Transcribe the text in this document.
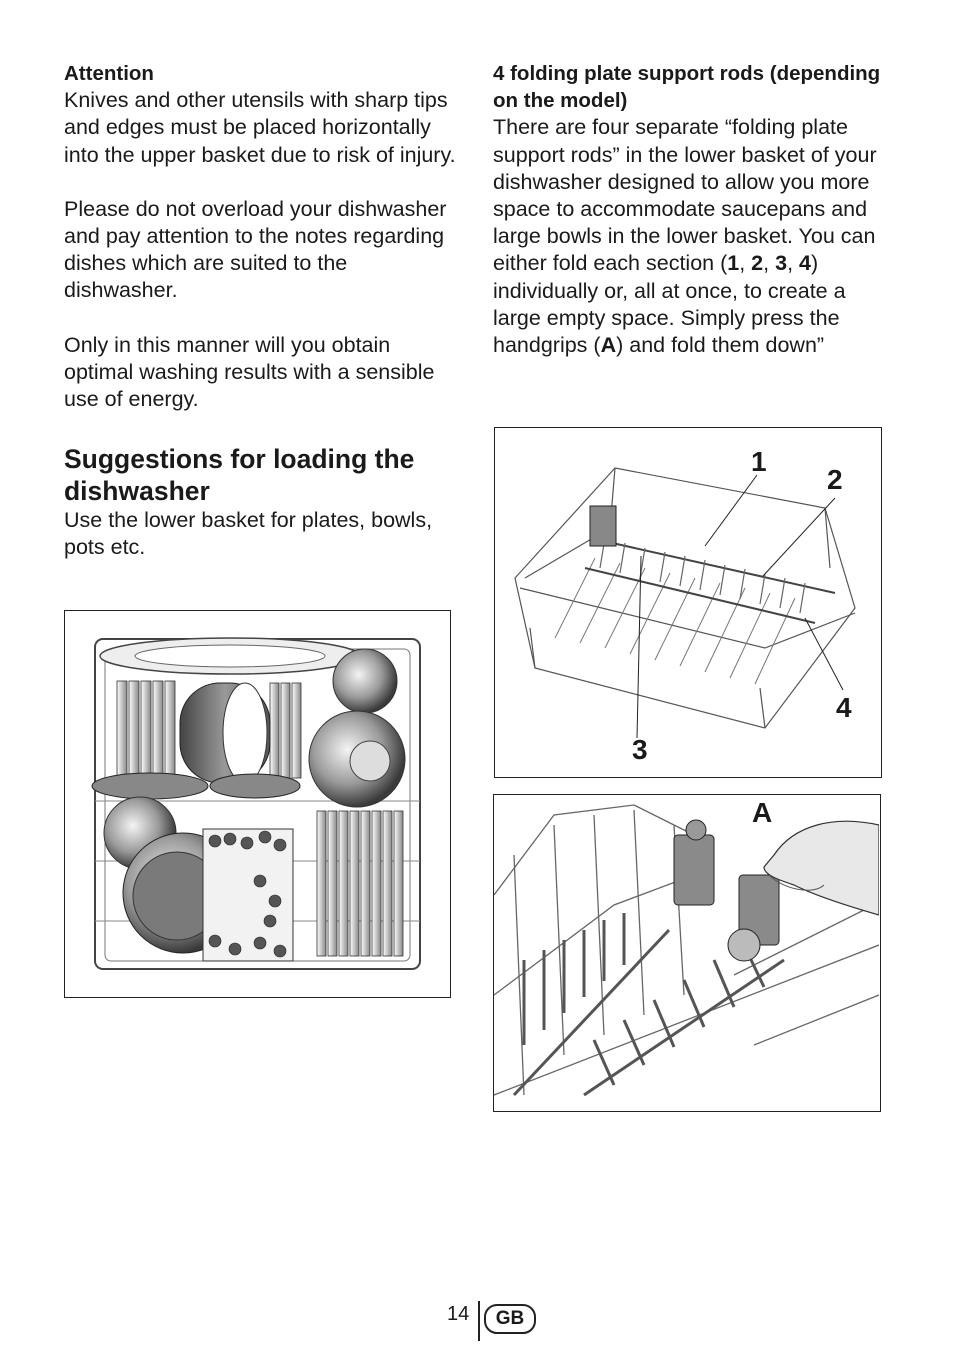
Attention

Knives and other utensils with sharp tips and edges must be placed horizontally into the upper basket due to risk of injury.

Please do not overload your dishwasher and pay attention to the notes regarding dishes which are suited to the dishwasher.

Only in this manner will you obtain optimal washing results with a sensible use of energy.

Suggestions for loading the dishwasher

Use the lower basket for plates, bowls, pots etc.

4 folding plate support rods (depending on the model)

There are four separate “folding plate support rods” in the lower basket of your dishwasher designed to allow you more space to accommodate saucepans and large bowls in the lower basket. You can either fold each section (1, 2, 3, 4) individually or, all at once, to create a large empty space. Simply press the handgrips (A) and fold them down”

1
2
3
4
A
14	GB
